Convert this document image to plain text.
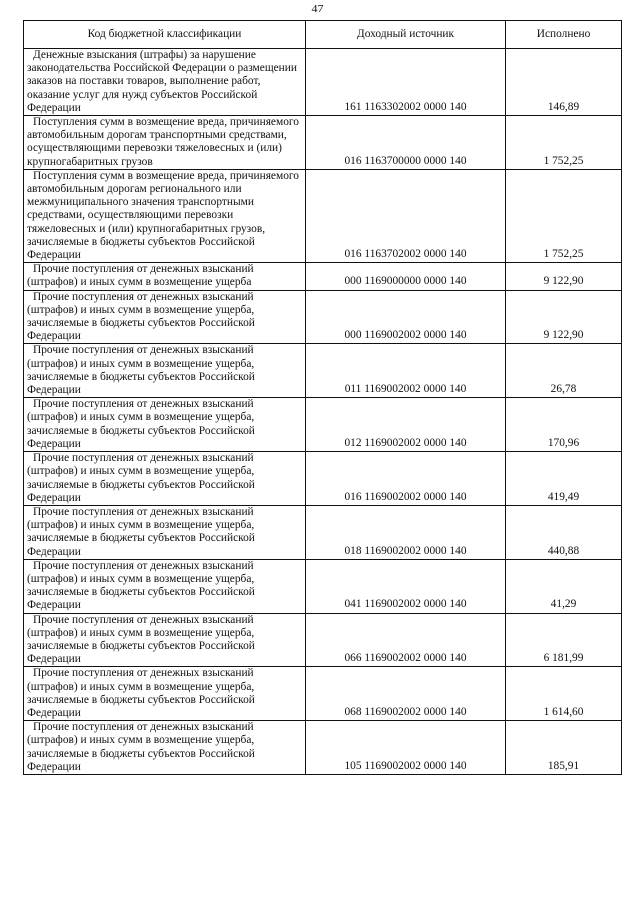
47
Код бюджетной классификации	Доходный источник	Исполнено
Денежные взыскания (штрафы) за нарушение законодательства Российской Федерации о размещении заказов на поставки товаров, выполнение работ, оказание услуг для нужд субъектов Российской Федерации	161 1163302002 0000 140	146,89
Поступления сумм в возмещение вреда, причиняемого автомобильным дорогам транспортными средствами, осуществляющими перевозки тяжеловесных и (или) крупногабаритных грузов	016 1163700000 0000 140	1 752,25
Поступления сумм в возмещение вреда, причиняемого автомобильным дорогам регионального или межмуниципального значения транспортными средствами, осуществляющими перевозки тяжеловесных и (или) крупногабаритных грузов, зачисляемые в бюджеты субъектов Российской Федерации	016 1163702002 0000 140	1 752,25
Прочие поступления от денежных взысканий (штрафов) и иных сумм в возмещение ущерба	000 1169000000 0000 140	9 122,90
Прочие поступления от денежных взысканий (штрафов) и иных сумм в возмещение ущерба, зачисляемые в бюджеты субъектов Российской Федерации	000 1169002002 0000 140	9 122,90
Прочие поступления от денежных взысканий (штрафов) и иных сумм в возмещение ущерба, зачисляемые в бюджеты субъектов Российской Федерации	011 1169002002 0000 140	26,78
Прочие поступления от денежных взысканий (штрафов) и иных сумм в возмещение ущерба, зачисляемые в бюджеты субъектов Российской Федерации	012 1169002002 0000 140	170,96
Прочие поступления от денежных взысканий (штрафов) и иных сумм в возмещение ущерба, зачисляемые в бюджеты субъектов Российской Федерации	016 1169002002 0000 140	419,49
Прочие поступления от денежных взысканий (штрафов) и иных сумм в возмещение ущерба, зачисляемые в бюджеты субъектов Российской Федерации	018 1169002002 0000 140	440,88
Прочие поступления от денежных взысканий (штрафов) и иных сумм в возмещение ущерба, зачисляемые в бюджеты субъектов Российской Федерации	041 1169002002 0000 140	41,29
Прочие поступления от денежных взысканий (штрафов) и иных сумм в возмещение ущерба, зачисляемые в бюджеты субъектов Российской Федерации	066 1169002002 0000 140	6 181,99
Прочие поступления от денежных взысканий (штрафов) и иных сумм в возмещение ущерба, зачисляемые в бюджеты субъектов Российской Федерации	068 1169002002 0000 140	1 614,60
Прочие поступления от денежных взысканий (штрафов) и иных сумм в возмещение ущерба, зачисляемые в бюджеты субъектов Российской Федерации	105 1169002002 0000 140	185,91
